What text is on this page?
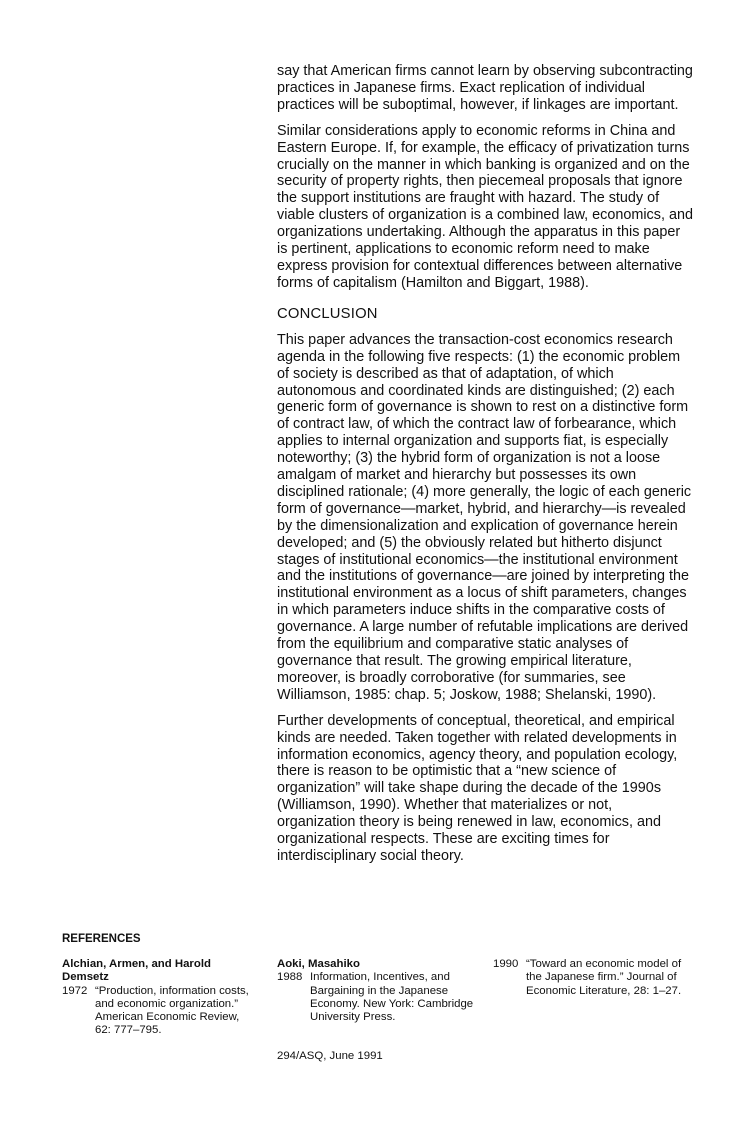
say that American firms cannot learn by observing subcontracting practices in Japanese firms. Exact replication of individual practices will be suboptimal, however, if linkages are important.

Similar considerations apply to economic reforms in China and Eastern Europe. If, for example, the efficacy of privatization turns crucially on the manner in which banking is organized and on the security of property rights, then piecemeal proposals that ignore the support institutions are fraught with hazard. The study of viable clusters of organization is a combined law, economics, and organizations undertaking. Although the apparatus in this paper is pertinent, applications to economic reform need to make express provision for contextual differences between alternative forms of capitalism (Hamilton and Biggart, 1988).

CONCLUSION

This paper advances the transaction-cost economics research agenda in the following five respects: (1) the economic problem of society is described as that of adaptation, of which autonomous and coordinated kinds are distinguished; (2) each generic form of governance is shown to rest on a distinctive form of contract law, of which the contract law of forbearance, which applies to internal organization and supports fiat, is especially noteworthy; (3) the hybrid form of organization is not a loose amalgam of market and hierarchy but possesses its own disciplined rationale; (4) more generally, the logic of each generic form of governance—market, hybrid, and hierarchy—is revealed by the dimensionalization and explication of governance herein developed; and (5) the obviously related but hitherto disjunct stages of institutional economics—the institutional environment and the institutions of governance—are joined by interpreting the institutional environment as a locus of shift parameters, changes in which parameters induce shifts in the comparative costs of governance. A large number of refutable implications are derived from the equilibrium and comparative static analyses of governance that result. The growing empirical literature, moreover, is broadly corroborative (for summaries, see Williamson, 1985: chap. 5; Joskow, 1988; Shelanski, 1990).

Further developments of conceptual, theoretical, and empirical kinds are needed. Taken together with related developments in information economics, agency theory, and population ecology, there is reason to be optimistic that a “new science of organization” will take shape during the decade of the 1990s (Williamson, 1990). Whether that materializes or not, organization theory is being renewed in law, economics, and organizational respects. These are exciting times for interdisciplinary social theory.

REFERENCES
Alchian, Armen, and Harold Demsetz
1972 “Production, information costs, and economic organization.” American Economic Review, 62: 777–795.
Aoki, Masahiko
1988 Information, Incentives, and Bargaining in the Japanese Economy. New York: Cambridge University Press.
1990 “Toward an economic model of the Japanese firm.” Journal of Economic Literature, 28: 1–27.
294/ASQ, June 1991
